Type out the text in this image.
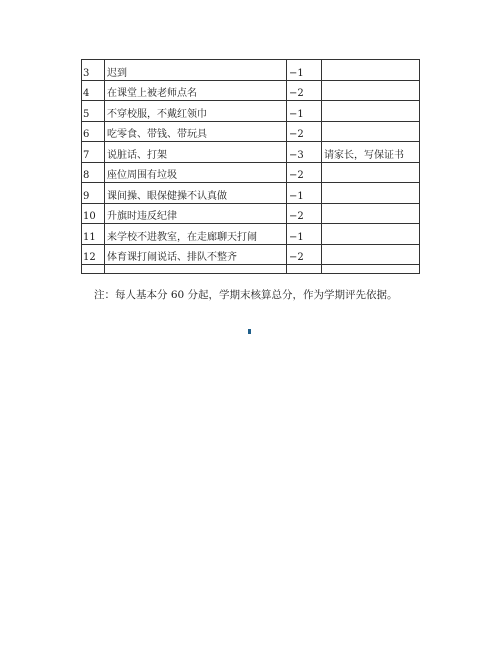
3	迟到	−1	
4	在课堂上被老师点名	−2	
5	不穿校服，不戴红领巾	−1	
6	吃零食、带钱、带玩具	−2	
7	说脏话、打架	−3	请家长，写保证书
8	座位周围有垃圾	−2	
9	课间操、眼保健操不认真做	−1	
10	升旗时违反纪律	−2	
11	来学校不进教室，在走廊聊天打闹	−1	
12	体育课打闹说话、排队不整齐	−2	

注：每人基本分 60 分起，学期末核算总分，作为学期评先依据。
